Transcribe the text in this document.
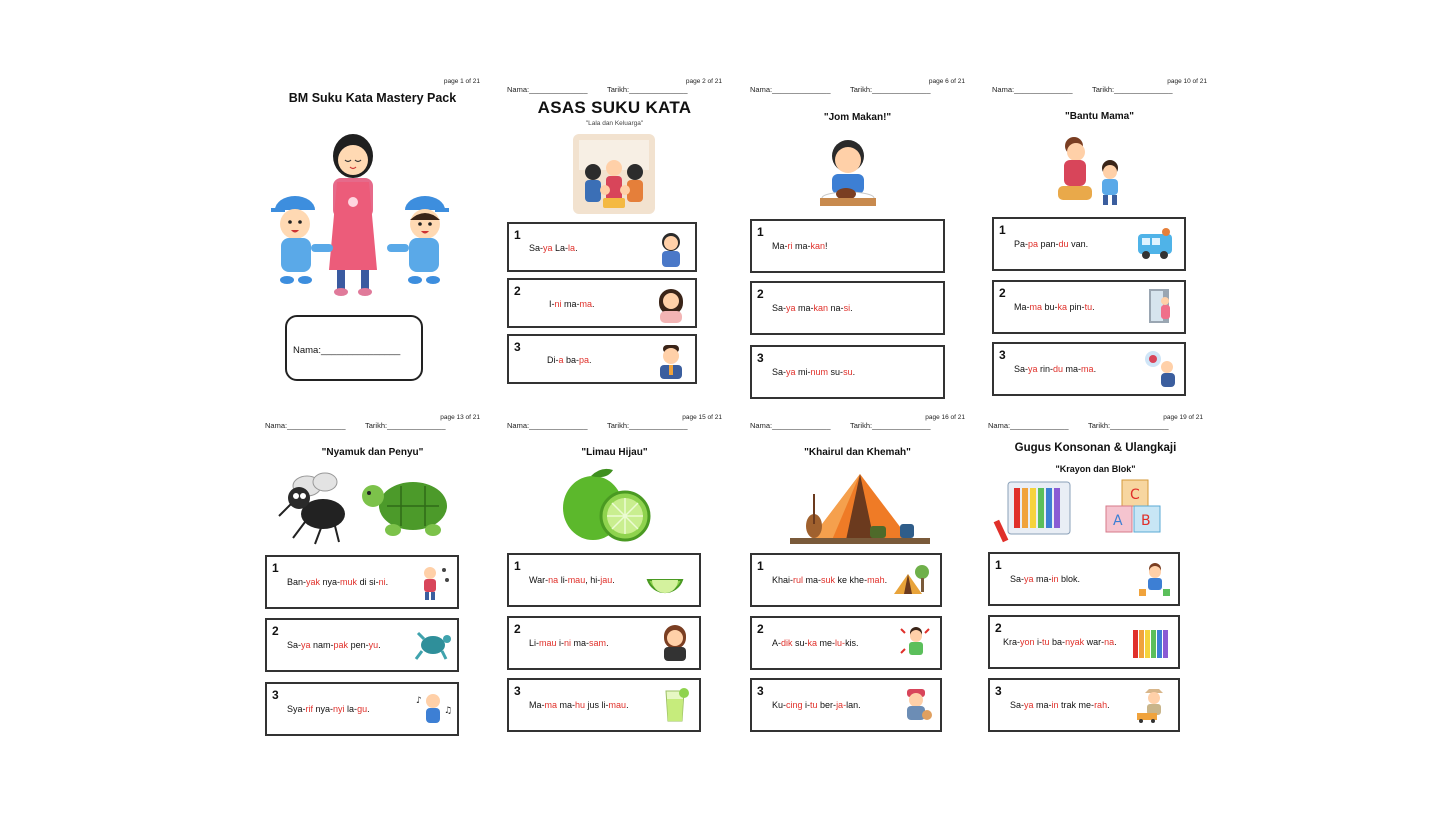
page 1 of 21
BM Suku Kata Mastery Pack
Nama:_______________
page 2 of 21
Nama:______________	Tarikh:______________
ASAS SUKU KATA
"Lala dan Keluarga"
1
Sa-ya La-la.
2
I-ni ma-ma.
3
Di-a ba-pa.
page 6 of 21
Nama:______________	Tarikh:______________
"Jom Makan!"
1
Ma-ri ma-kan!
2
Sa-ya ma-kan na-si.
3
Sa-ya mi-num su-su.
page 10 of 21
Nama:______________	Tarikh:______________
"Bantu Mama"
1
Pa-pa pan-du van.
2
Ma-ma bu-ka pin-tu.
3
Sa-ya rin-du ma-ma.
page 13 of 21
Nama:______________	Tarikh:______________
"Nyamuk dan Penyu"
1
Ban-yak nya-muk di si-ni.
2
Sa-ya nam-pak pen-yu.
3
Sya-rif nya-nyi la-gu.
♪
♫
page 15 of 21
Nama:______________	Tarikh:______________
"Limau Hijau"
1
War-na li-mau, hi-jau.
2
Li-mau i-ni ma-sam.
3
Ma-ma ma-hu jus li-mau.
page 16 of 21
Nama:______________	Tarikh:______________
"Khairul dan Khemah"
1
Khai-rul ma-suk ke khe-mah.
2
A-dik su-ka me-lu-kis.
3
Ku-cing i-tu ber-ja-lan.
page 19 of 21
Nama:______________	Tarikh:______________
Gugus Konsonan & Ulangkaji
"Krayon dan Blok"
C
A B
1
Sa-ya ma-in blok.
2
Kra-yon i-tu ba-nyak war-na.
3
Sa-ya ma-in trak me-rah.
